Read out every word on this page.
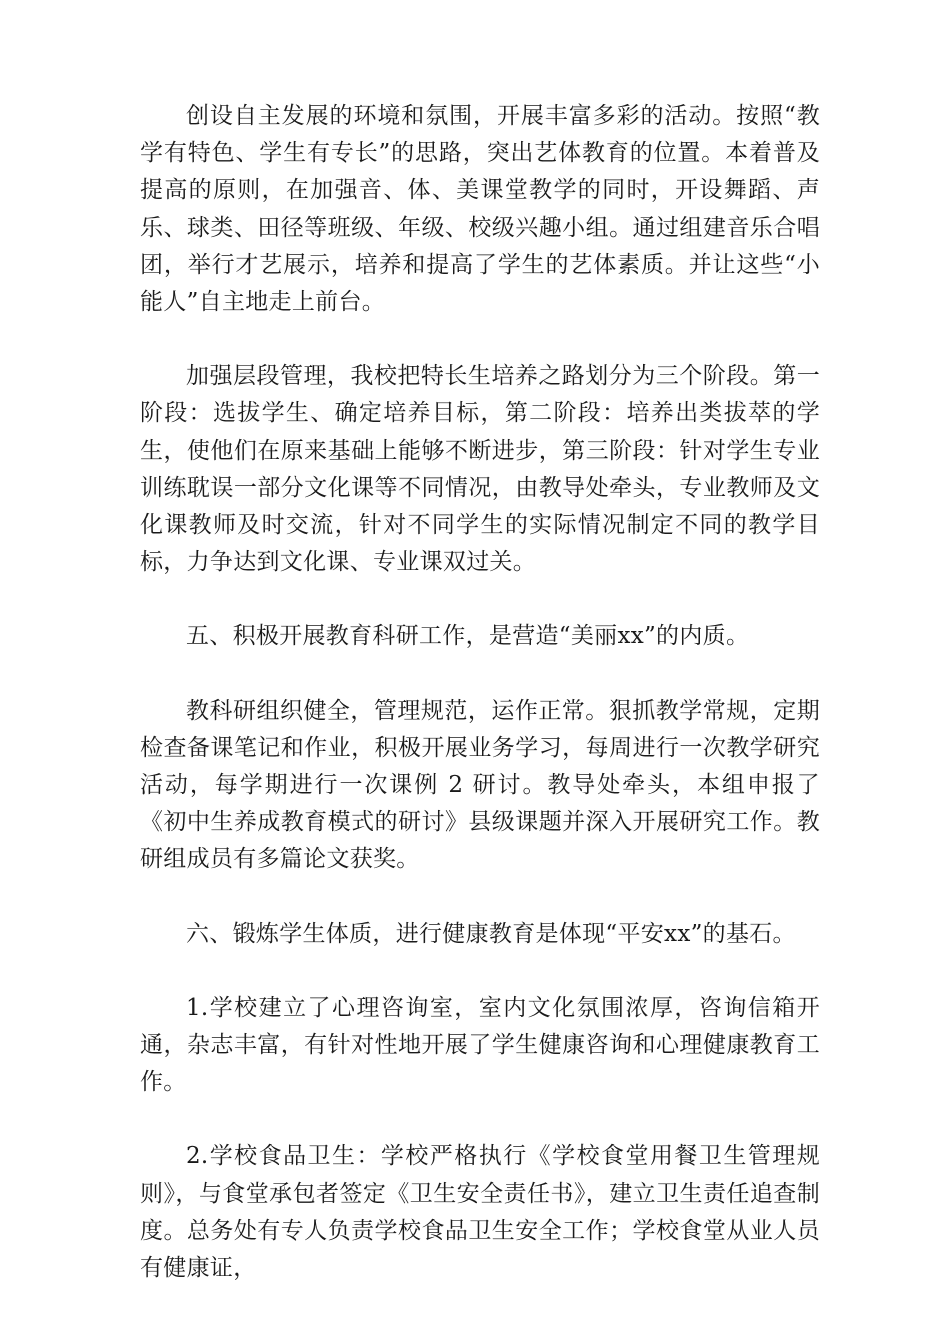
创设自主发展的环境和氛围，开展丰富多彩的活动。按照“教学有特色、学生有专长”的思路，突出艺体教育的位置。本着普及提高的原则，在加强音、体、美课堂教学的同时，开设舞蹈、声乐、球类、田径等班级、年级、校级兴趣小组。通过组建音乐合唱团，举行才艺展示，培养和提高了学生的艺体素质。并让这些“小能人”自主地走上前台。

加强层段管理，我校把特长生培养之路划分为三个阶段。第一阶段：选拔学生、确定培养目标，第二阶段：培养出类拔萃的学生，使他们在原来基础上能够不断进步，第三阶段：针对学生专业训练耽误一部分文化课等不同情况，由教导处牵头，专业教师及文化课教师及时交流，针对不同学生的实际情况制定不同的教学目标，力争达到文化课、专业课双过关。

五、积极开展教育科研工作，是营造“美丽xx”的内质。

教科研组织健全，管理规范，运作正常。狠抓教学常规，定期检查备课笔记和作业，积极开展业务学习，每周进行一次教学研究活动，每学期进行一次课例 2 研讨。教导处牵头，本组申报了《初中生养成教育模式的研讨》县级课题并深入开展研究工作。教研组成员有多篇论文获奖。

六、锻炼学生体质，进行健康教育是体现“平安xx”的基石。

1.学校建立了心理咨询室，室内文化氛围浓厚，咨询信箱开通，杂志丰富，有针对性地开展了学生健康咨询和心理健康教育工作。

2.学校食品卫生：学校严格执行《学校食堂用餐卫生管理规则》，与食堂承包者签定《卫生安全责任书》，建立卫生责任追查制度。总务处有专人负责学校食品卫生安全工作；学校食堂从业人员有健康证，
